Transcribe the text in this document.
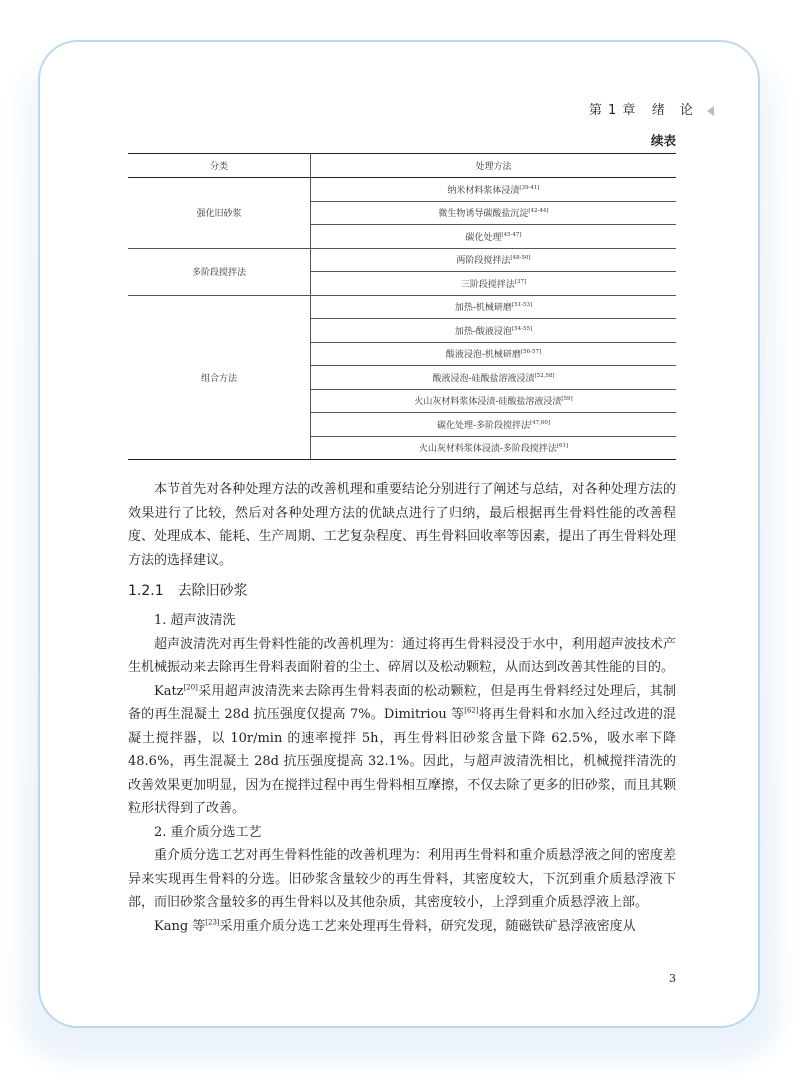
第 1 章 绪　论
续表
分类	处理方法
强化旧砂浆	纳米材料浆体浸渍[39-41]
	微生物诱导碳酸盐沉淀[42-44]
	碳化处理[45-47]
多阶段搅拌法	两阶段搅拌法[48-50]
	三阶段搅拌法[37]
组合方法	加热-机械研磨[51-53]
	加热-酸液浸泡[54-55]
	酸液浸泡-机械研磨[56-57]
	酸液浸泡-硅酸盐溶液浸渍[52,58]
	火山灰材料浆体浸渍-硅酸盐溶液浸渍[59]
	碳化处理-多阶段搅拌法[47,60]
	火山灰材料浆体浸渍-多阶段搅拌法[61]

本节首先对各种处理方法的改善机理和重要结论分别进行了阐述与总结，对各种处理方法的效果进行了比较，然后对各种处理方法的优缺点进行了归纳，最后根据再生骨料性能的改善程度、处理成本、能耗、生产周期、工艺复杂程度、再生骨料回收率等因素，提出了再生骨料处理方法的选择建议。

1.2.1 去除旧砂浆

1. 超声波清洗

超声波清洗对再生骨料性能的改善机理为：通过将再生骨料浸没于水中，利用超声波技术产生机械振动来去除再生骨料表面附着的尘土、碎屑以及松动颗粒，从而达到改善其性能的目的。

Katz[20]采用超声波清洗来去除再生骨料表面的松动颗粒，但是再生骨料经过处理后，其制备的再生混凝土 28d 抗压强度仅提高 7%。Dimitriou 等[62]将再生骨料和水加入经过改进的混凝土搅拌器，以 10r/min 的速率搅拌 5h，再生骨料旧砂浆含量下降 62.5%，吸水率下降 48.6%，再生混凝土 28d 抗压强度提高 32.1%。因此，与超声波清洗相比，机械搅拌清洗的改善效果更加明显，因为在搅拌过程中再生骨料相互摩擦，不仅去除了更多的旧砂浆，而且其颗粒形状得到了改善。

2. 重介质分选工艺

重介质分选工艺对再生骨料性能的改善机理为：利用再生骨料和重介质悬浮液之间的密度差异来实现再生骨料的分选。旧砂浆含量较少的再生骨料，其密度较大，下沉到重介质悬浮液下部，而旧砂浆含量较多的再生骨料以及其他杂质，其密度较小，上浮到重介质悬浮液上部。

Kang 等[23]采用重介质分选工艺来处理再生骨料，研究发现，随磁铁矿悬浮液密度从

3
